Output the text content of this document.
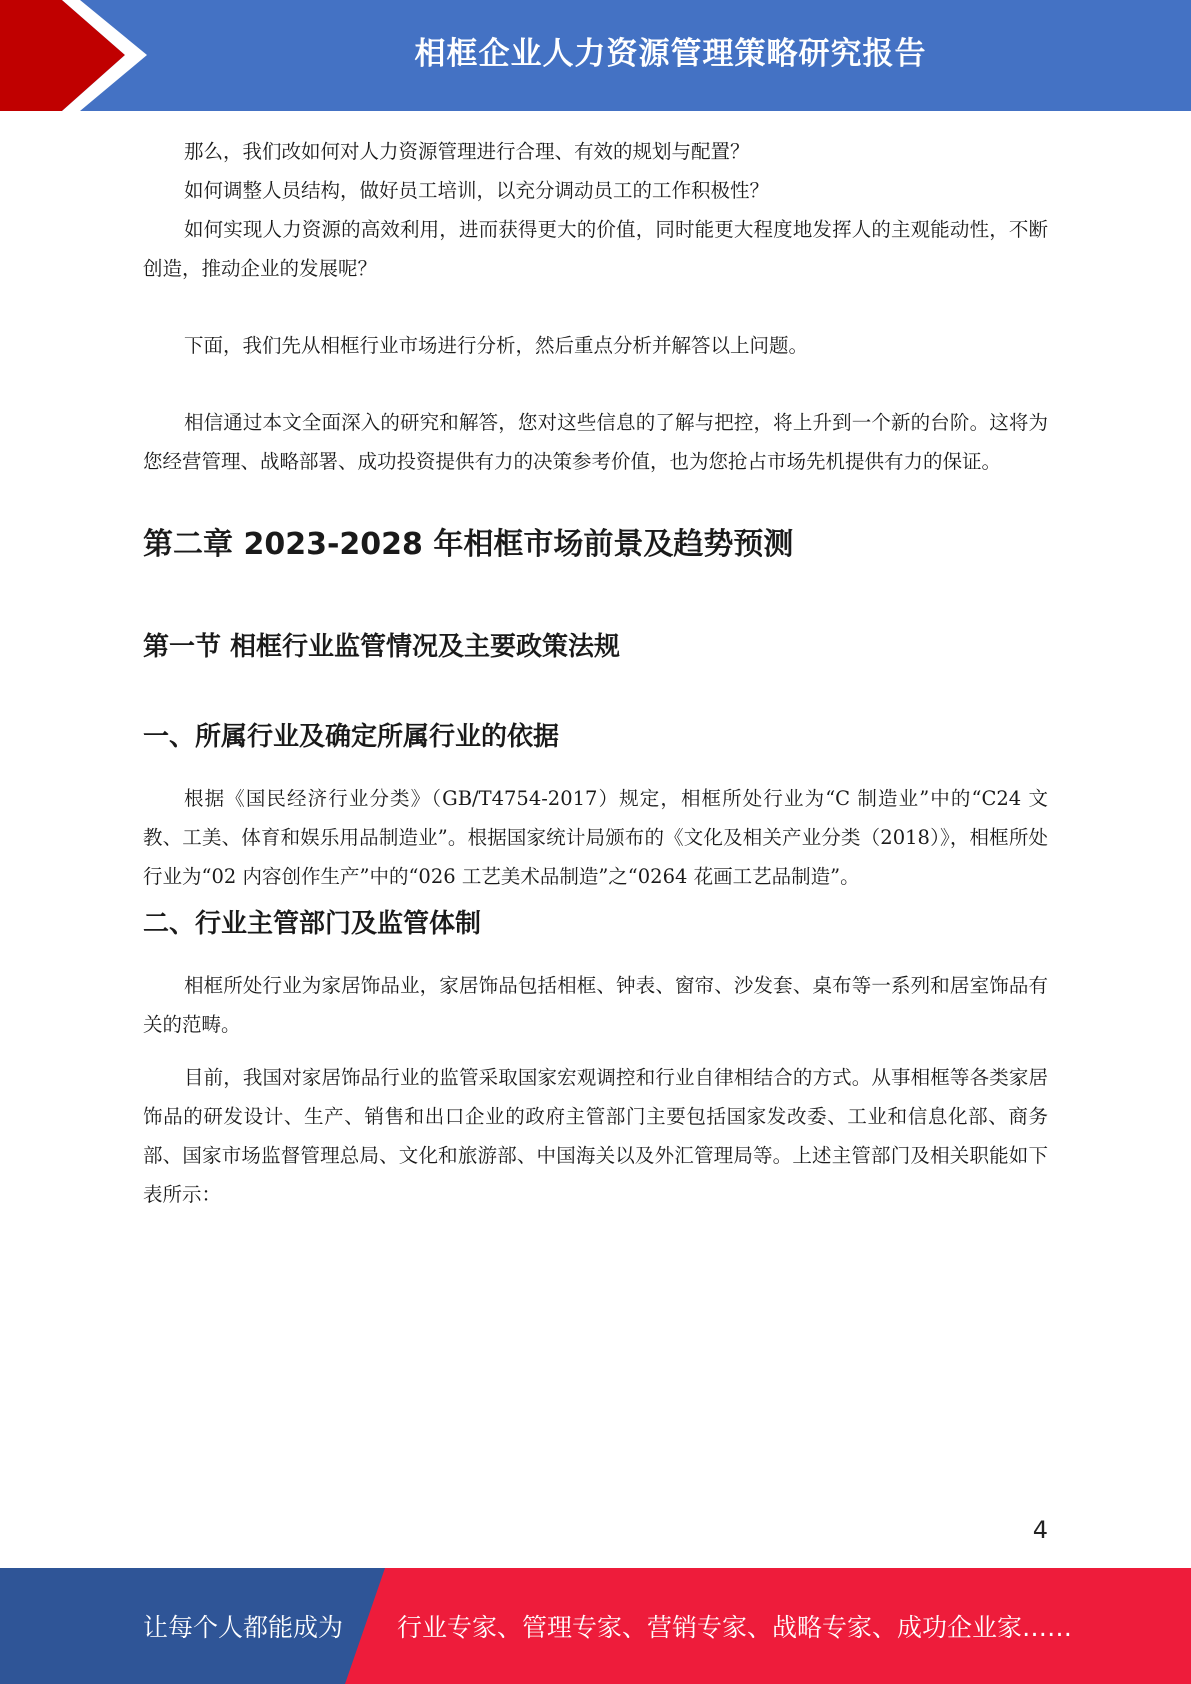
相框企业人力资源管理策略研究报告

那么，我们改如何对人力资源管理进行合理、有效的规划与配置？

如何调整人员结构，做好员工培训，以充分调动员工的工作积极性？

如何实现人力资源的高效利用，进而获得更大的价值，同时能更大程度地发挥人的主观能动性，不断创造，推动企业的发展呢？

下面，我们先从相框行业市场进行分析，然后重点分析并解答以上问题。

相信通过本文全面深入的研究和解答，您对这些信息的了解与把控，将上升到一个新的台阶。这将为您经营管理、战略部署、成功投资提供有力的决策参考价值，也为您抢占市场先机提供有力的保证。

第二章 2023-2028 年相框市场前景及趋势预测
第一节 相框行业监管情况及主要政策法规
一、所属行业及确定所属行业的依据

根据《国民经济行业分类》（GB/T4754-2017）规定，相框所处行业为“C 制造业”中的“C24 文教、工美、体育和娱乐用品制造业”。根据国家统计局颁布的《文化及相关产业分类（2018）》，相框所处行业为“02 内容创作生产”中的“026 工艺美术品制造”之“0264 花画工艺品制造”。

二、行业主管部门及监管体制

相框所处行业为家居饰品业，家居饰品包括相框、钟表、窗帘、沙发套、桌布等一系列和居室饰品有关的范畴。

目前，我国对家居饰品行业的监管采取国家宏观调控和行业自律相结合的方式。从事相框等各类家居饰品的研发设计、生产、销售和出口企业的政府主管部门主要包括国家发改委、工业和信息化部、商务部、国家市场监督管理总局、文化和旅游部、中国海关以及外汇管理局等。上述主管部门及相关职能如下表所示：

4
让每个人都能成为 行业专家、管理专家、营销专家、战略专家、成功企业家……
